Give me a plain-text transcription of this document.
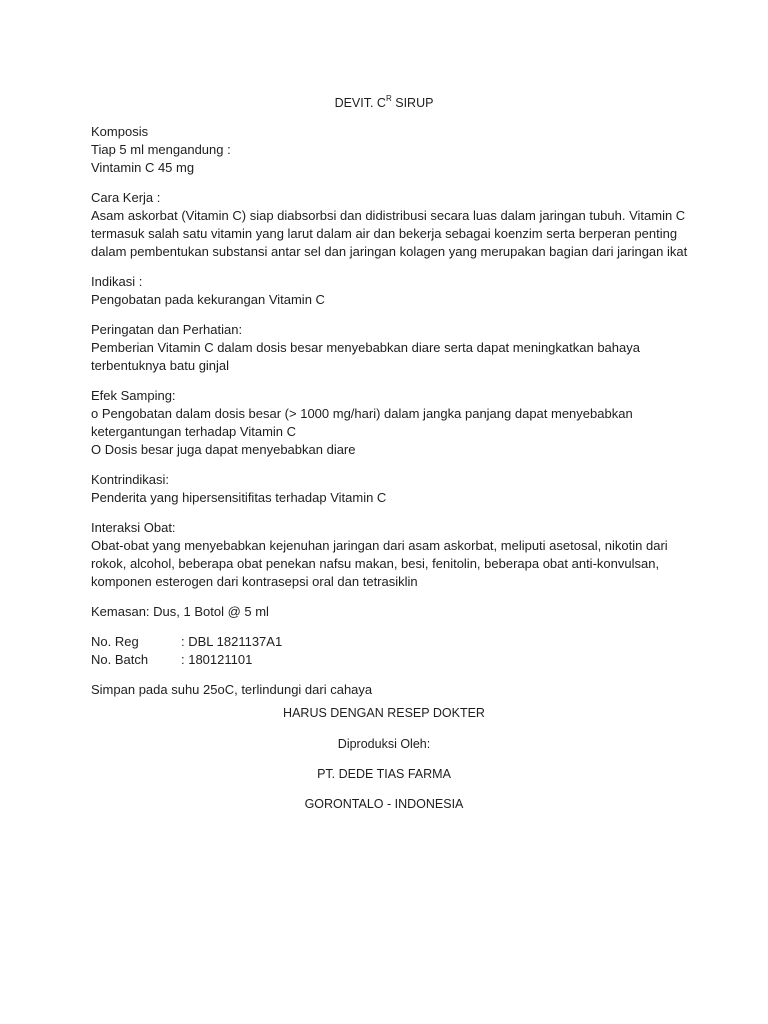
DEVIT. $C^R$ SIRUP
Komposis
Tiap 5 ml mengandung :
Vintamin C 45 mg
Cara Kerja :
Asam askorbat (Vitamin C) siap diabsorbsi dan didistribusi secara luas dalam jaringan tubuh. Vitamin C
termasuk salah satu vitamin yang larut dalam air dan bekerja sebagai koenzim serta berperan penting
dalam pembentukan substansi antar sel dan jaringan kolagen yang merupakan bagian dari jaringan ikat
Indikasi :
Pengobatan pada kekurangan Vitamin C
Peringatan dan Perhatian:
Pemberian Vitamin C dalam dosis besar menyebabkan diare serta dapat meningkatkan bahaya
terbentuknya batu ginjal
Efek Samping:
o Pengobatan dalam dosis besar (> 1000 mg/hari) dalam jangka panjang dapat menyebabkan
ketergantungan terhadap Vitamin C
O Dosis besar juga dapat menyebabkan diare
Kontrindikasi:
Penderita yang hipersensitifitas terhadap Vitamin C
Interaksi Obat:
Obat-obat yang menyebabkan kejenuhan jaringan dari asam askorbat, meliputi asetosal, nikotin dari
rokok, alcohol, beberapa obat penekan nafsu makan, besi, fenitolin, beberapa obat anti-konvulsan,
komponen esterogen dari kontrasepsi oral dan tetrasiklin
Kemasan: Dus, 1 Botol @ 5 ml
No. Reg	: DBL 1821137A1
No. Batch	: 180121101
Simpan pada suhu 25oC, terlindungi dari cahaya
HARUS DENGAN RESEP DOKTER
Diproduksi Oleh:
PT. DEDE TIAS FARMA
GORONTALO - INDONESIA
